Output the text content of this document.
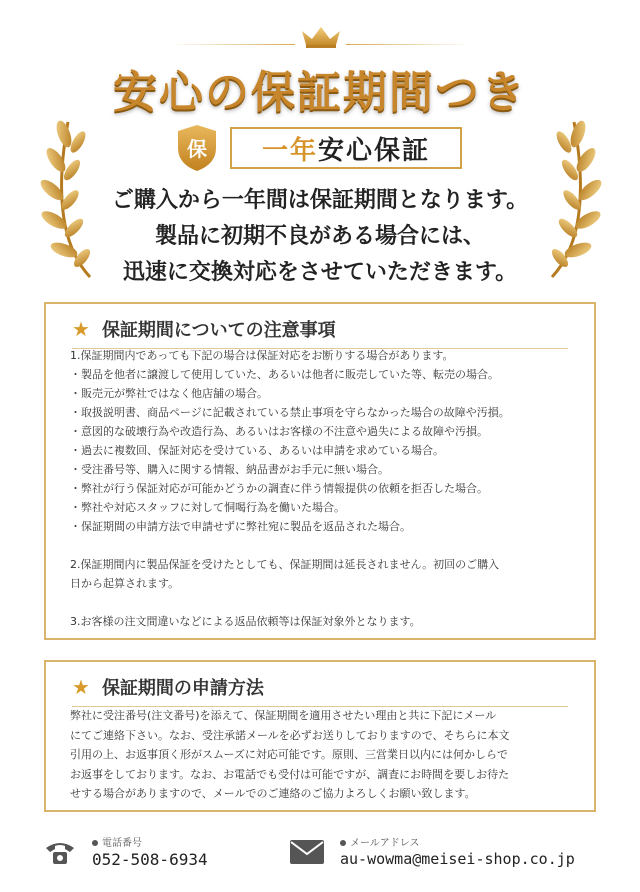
安心の保証期間つき
保	一年 安心保証
ご購入から一年間は保証期間となります。
製品に初期不良がある場合には、
迅速に交換対応をさせていただきます。
★ 保証期間についての注意事項
1.保証期間内であっても下記の場合は保証対応をお断りする場合があります。
・製品を他者に譲渡して使用していた、あるいは他者に販売していた等、転売の場合。
・販売元が弊社ではなく他店舗の場合。
・取扱説明書、商品ページに記載されている禁止事項を守らなかった場合の故障や汚損。
・意図的な破壊行為や改造行為、あるいはお客様の不注意や過失による故障や汚損。
・過去に複数回、保証対応を受けている、あるいは申請を求めている場合。
・受注番号等、購入に関する情報、納品書がお手元に無い場合。
・弊社が行う保証対応が可能かどうかの調査に伴う情報提供の依頼を拒否した場合。
・弊社や対応スタッフに対して恫喝行為を働いた場合。
・保証期間の申請方法で申請せずに弊社宛に製品を返品された場合。
2.保証期間内に製品保証を受けたとしても、保証期間は延長されません。初回のご購入
日から起算されます。
3.お客様の注文間違いなどによる返品依頼等は保証対象外となります。
★ 保証期間の申請方法
弊社に受注番号(注文番号)を添えて、保証期間を適用させたい理由と共に下記にメール
にてご連絡下さい。なお、受注承諾メールを必ずお送りしておりますので、そちらに本文
引用の上、お返事頂く形がスムーズに対応可能です。原則、三営業日以内には何かしらで
お返事をしております。なお、お電話でも受付は可能ですが、調査にお時間を要しお待た
せする場合がありますので、メールでのご連絡のご協力よろしくお願い致します。
電話番号
052-508-6934
メールアドレス
au-wowma@meisei-shop.co.jp
